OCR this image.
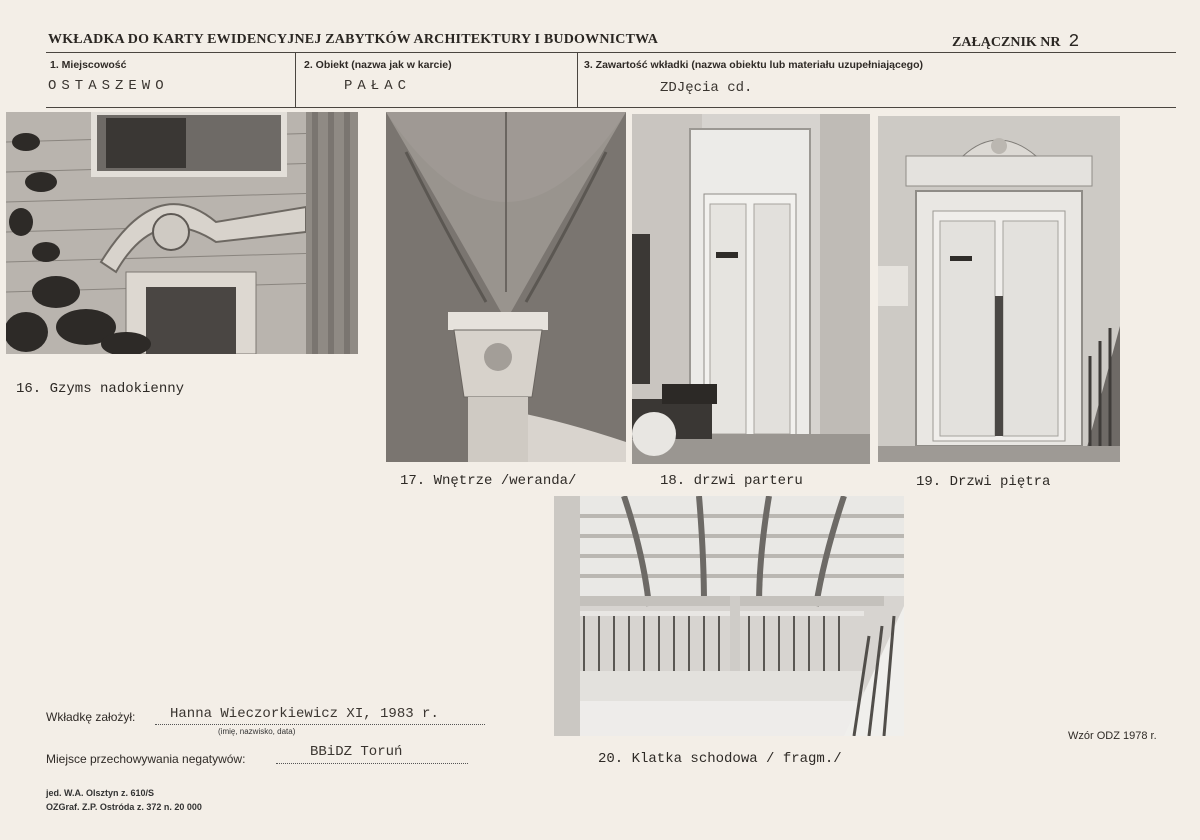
WKŁADKA DO KARTY EWIDENCYJNEJ ZABYTKÓW ARCHITEKTURY I BUDOWNICTWA	ZAŁĄCZNIK NR 2
1. Miejscowość
OSTASZEWO
2. Obiekt (nazwa jak w karcie)
PAŁAC
3. Zawartość wkładki (nazwa obiektu lub materiału uzupełniającego)
ZDJęcia cd.
16. Gzyms nadokienny
17. Wnętrze /weranda/	18. drzwi parteru	19. Drzwi piętra
20. Klatka schodowa / fragm./
Wkładkę założył: Hanna Wieczorkiewicz XI, 1983 r.
(imię, nazwisko, data)
Miejsce przechowywania negatywów:	BBiDZ Toruń
Wzór ODZ 1978 r.
jed. W.A. Olsztyn z. 610/S
OZGraf. Z.P. Ostróda z. 372 n. 20 000
